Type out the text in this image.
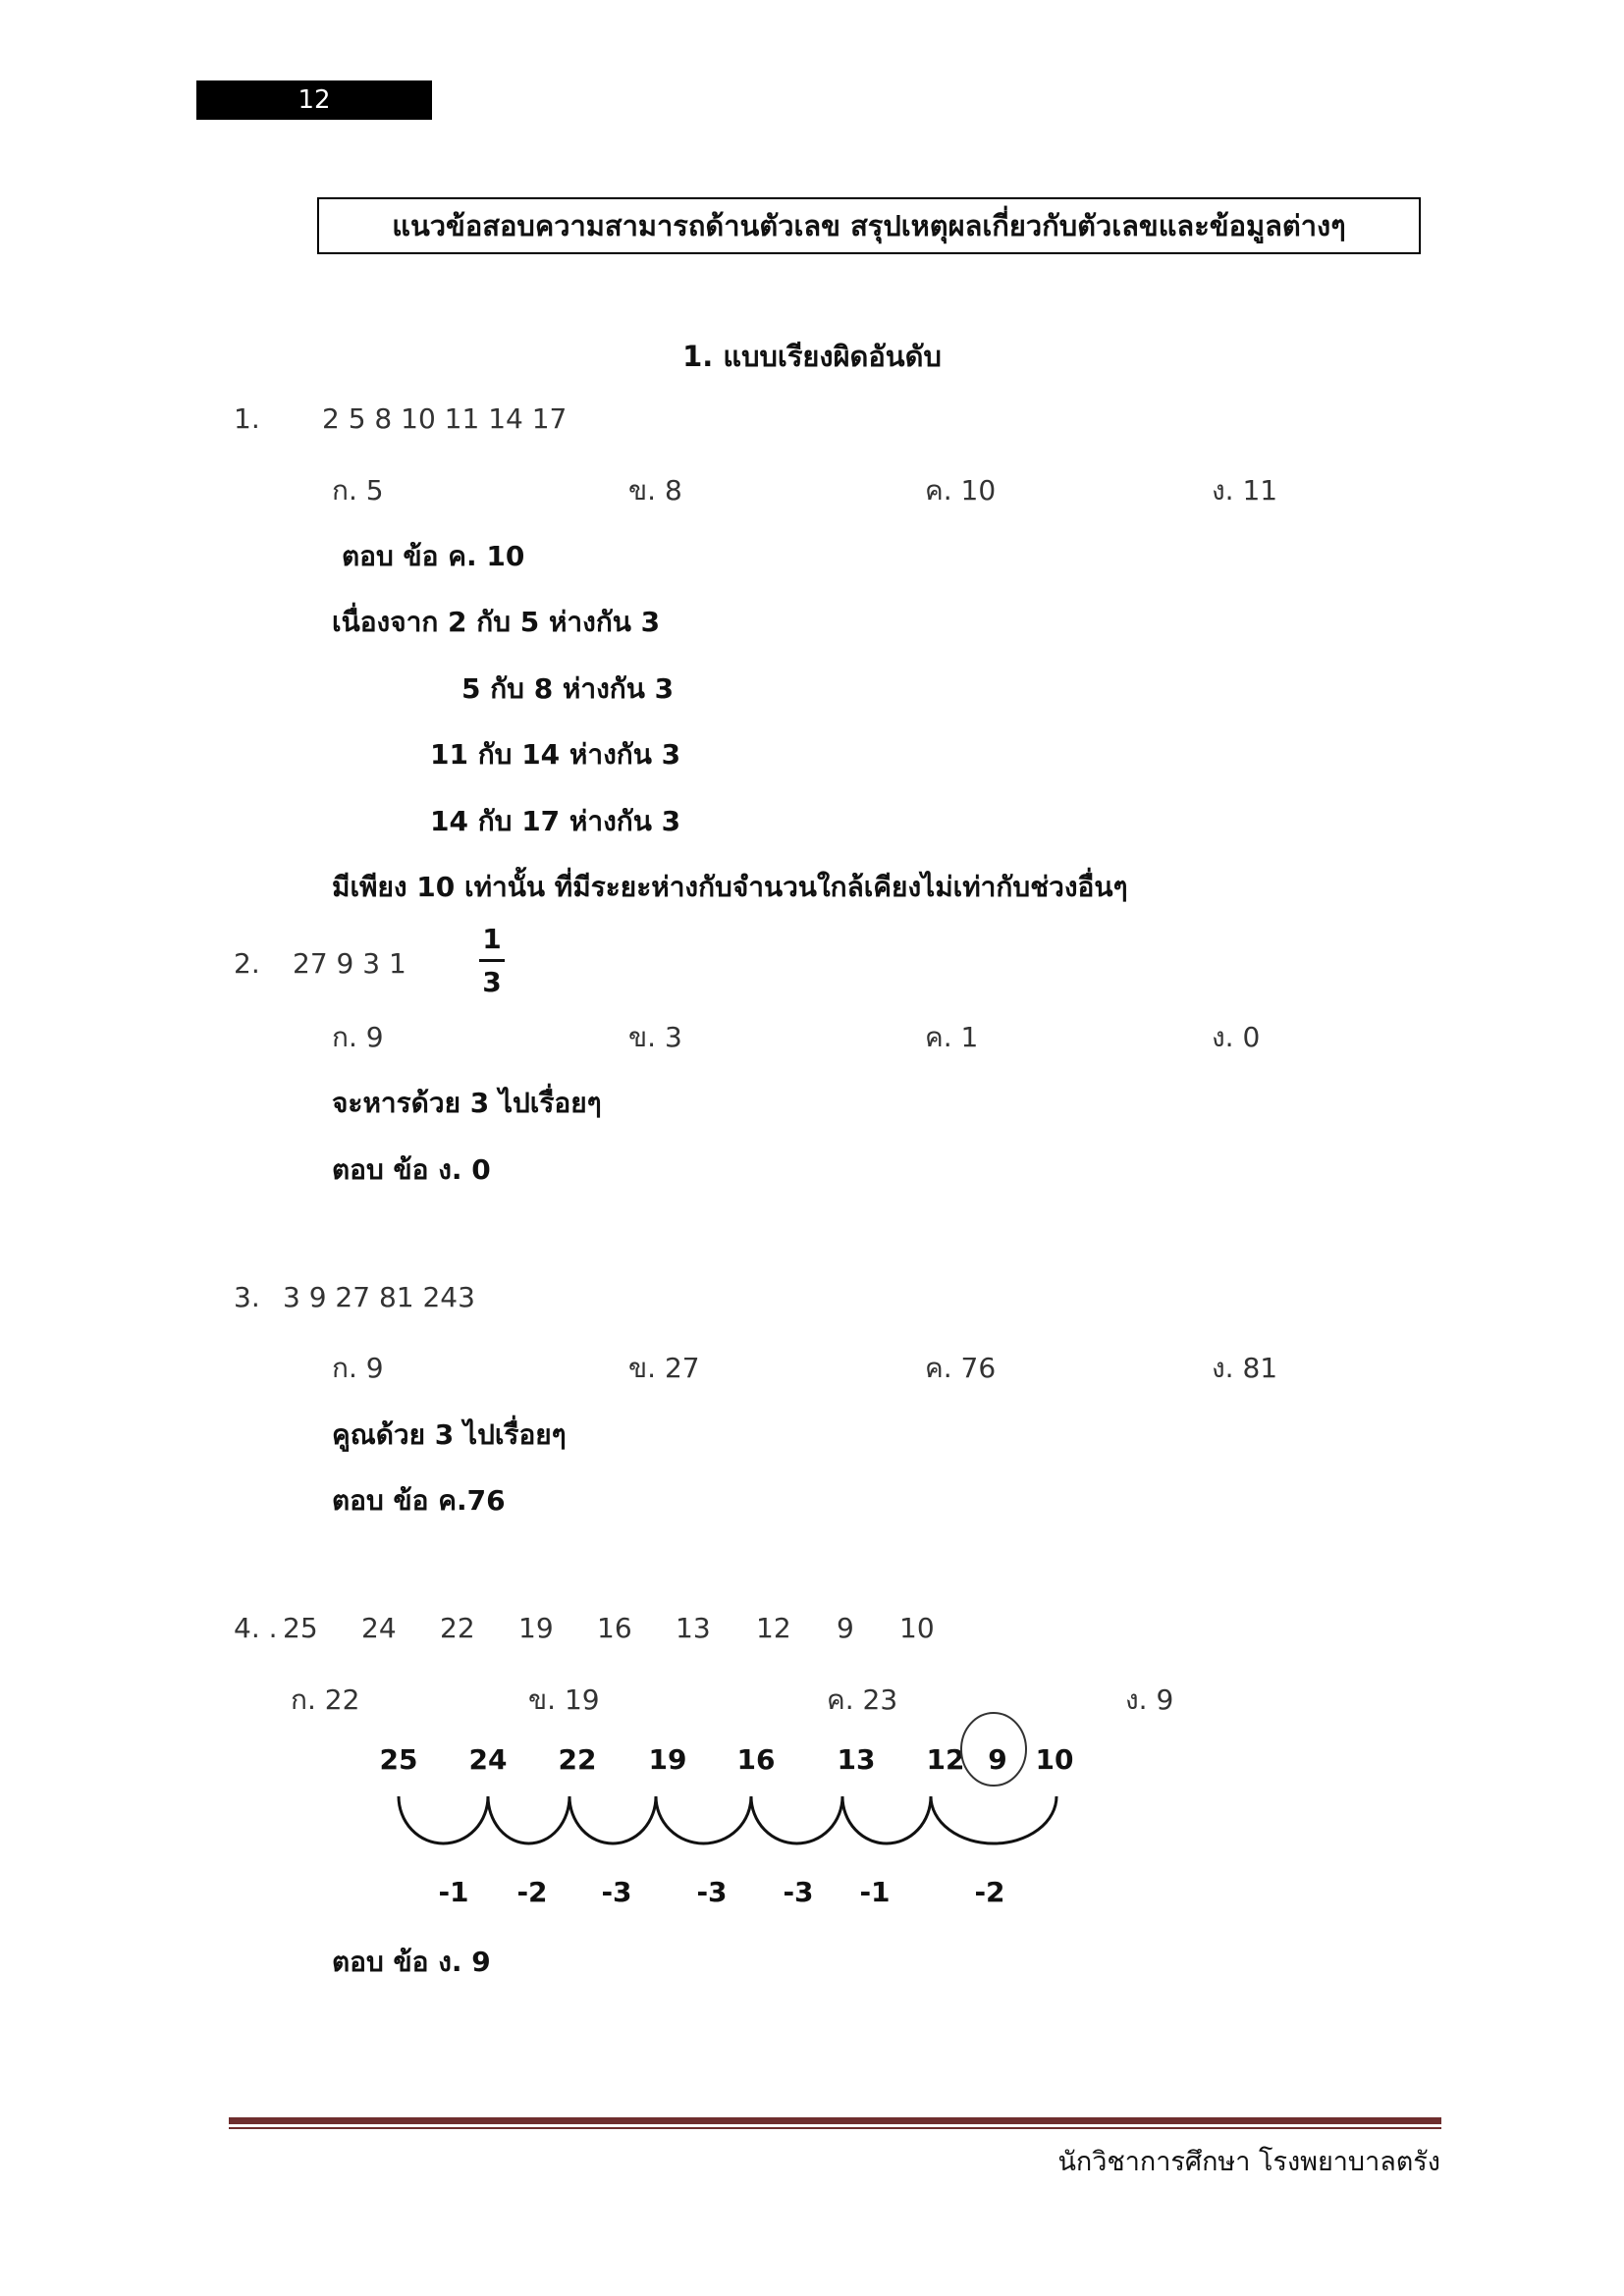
12
แนวข้อสอบความสามารถด้านตัวเลข สรุปเหตุผลเกี่ยวกับตัวเลขและข้อมูลต่างๆ
1. แบบเรียงผิดอันดับ
1. 2 5 8 10 11 14 17
ก. 5	ข. 8	ค. 10	ง. 11
ตอบ ข้อ ค. 10
เนื่องจาก 2 กับ 5 ห่างกัน 3
5 กับ 8 ห่างกัน 3
11 กับ 14 ห่างกัน 3
14 กับ 17 ห่างกัน 3
มีเพียง 10 เท่านั้น ที่มีระยะห่างกับจำนวนใกล้เคียงไม่เท่ากับช่วงอื่นๆ
2. 27 9 3 1
1
3
ก. 9	ข. 3	ค. 1	ง. 0
จะหารด้วย 3 ไปเรื่อยๆ
ตอบ ข้อ ง. 0
3. 3 9 27 81 243
ก. 9	ข. 27	ค. 76	ง. 81
คูณด้วย 3 ไปเรื่อยๆ
ตอบ ข้อ ค.76
4. . 25 24 22 19 16 13 12 9 10
ก. 22	ข. 19	ค. 23	ง. 9
25 24 22 19 16 13 12 9 10
-1 -2 -3 -3 -3 -1	-2
ตอบ ข้อ ง. 9
นักวิชาการศึกษา โรงพยาบาลตรัง
